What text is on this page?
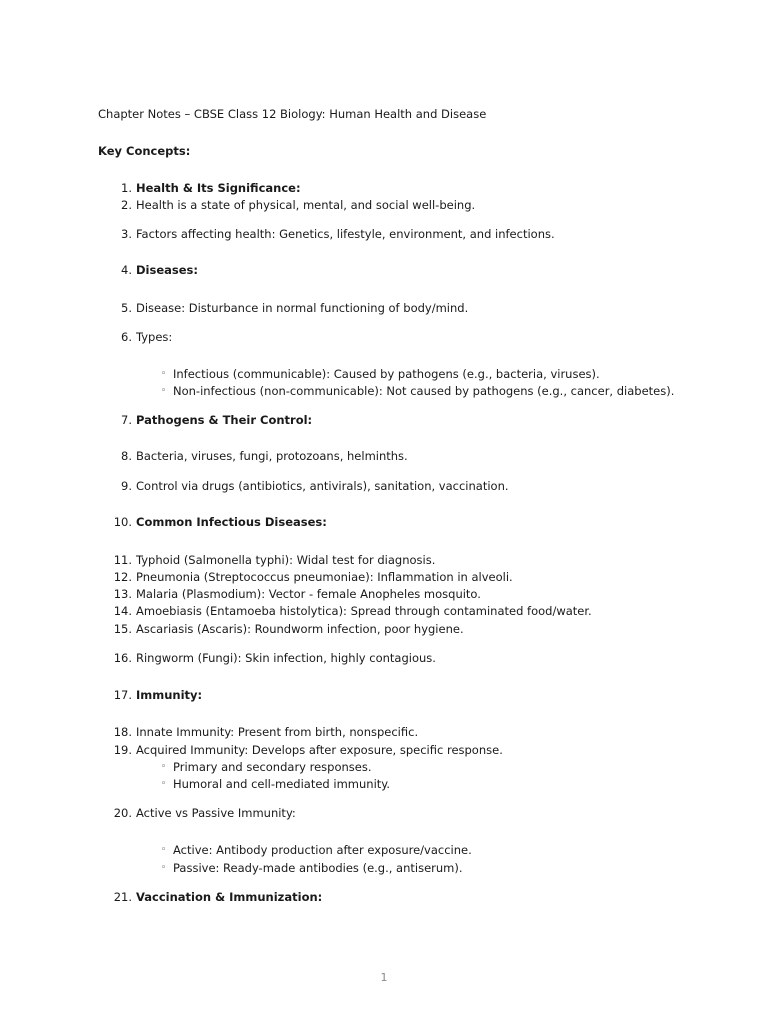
Chapter Notes – CBSE Class 12 Biology: Human Health and Disease
Key Concepts:
1. Health & Its Significance:
2. Health is a state of physical, mental, and social well-being.
3. Factors affecting health: Genetics, lifestyle, environment, and infections.
4. Diseases:
5. Disease: Disturbance in normal functioning of body/mind.
6. Types:
◦ Infectious (communicable): Caused by pathogens (e.g., bacteria, viruses).
◦ Non-infectious (non-communicable): Not caused by pathogens (e.g., cancer, diabetes).
7. Pathogens & Their Control:
8. Bacteria, viruses, fungi, protozoans, helminths.
9. Control via drugs (antibiotics, antivirals), sanitation, vaccination.
10. Common Infectious Diseases:
11. Typhoid (Salmonella typhi): Widal test for diagnosis.
12. Pneumonia (Streptococcus pneumoniae): Inflammation in alveoli.
13. Malaria (Plasmodium): Vector - female Anopheles mosquito.
14. Amoebiasis (Entamoeba histolytica): Spread through contaminated food/water.
15. Ascariasis (Ascaris): Roundworm infection, poor hygiene.
16. Ringworm (Fungi): Skin infection, highly contagious.
17. Immunity:
18. Innate Immunity: Present from birth, nonspecific.
19. Acquired Immunity: Develops after exposure, specific response.
◦ Primary and secondary responses.
◦ Humoral and cell-mediated immunity.
20. Active vs Passive Immunity:
◦ Active: Antibody production after exposure/vaccine.
◦ Passive: Ready-made antibodies (e.g., antiserum).
21. Vaccination & Immunization:
1
